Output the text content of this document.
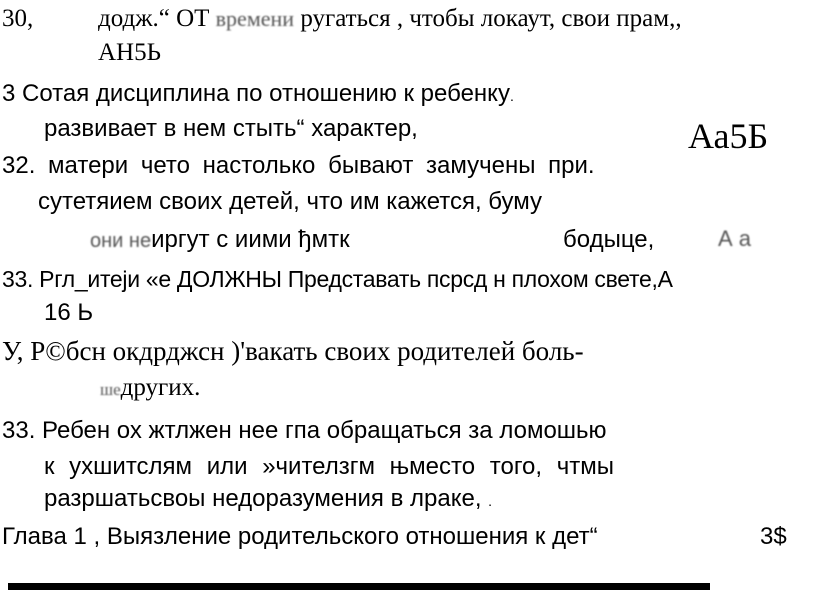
30,	додж.“ ОТ времени ругаться , чтобы локаут, свои прам,,
АН5Ь
3 Сотая дисциплина по отношению к ребенку.
развивает в нем стыть“ характер,	Аа5Б
32. матери чето настолько бывают замучены при.
сутетяием своих детей, что им кажется, буму
они неиргут с иими ђмтк	бодыце,	А а
33. Ргл_итеји «е ДОЛЖНЫ Представать псрсд н плохом свете,А
16 Ь
У, Р©бсн окдрджсн )'вакать своих родителей боль-
шедругих.
33. Ребен ох жтлжен нее гпа обращаться за ломошью
к ухшитслям или »чителзгм њместо того, чтмы
разршатьсвоы недоразумения в лраке, .
Глава 1 , Выязление родительского отношения к дет“	3$
